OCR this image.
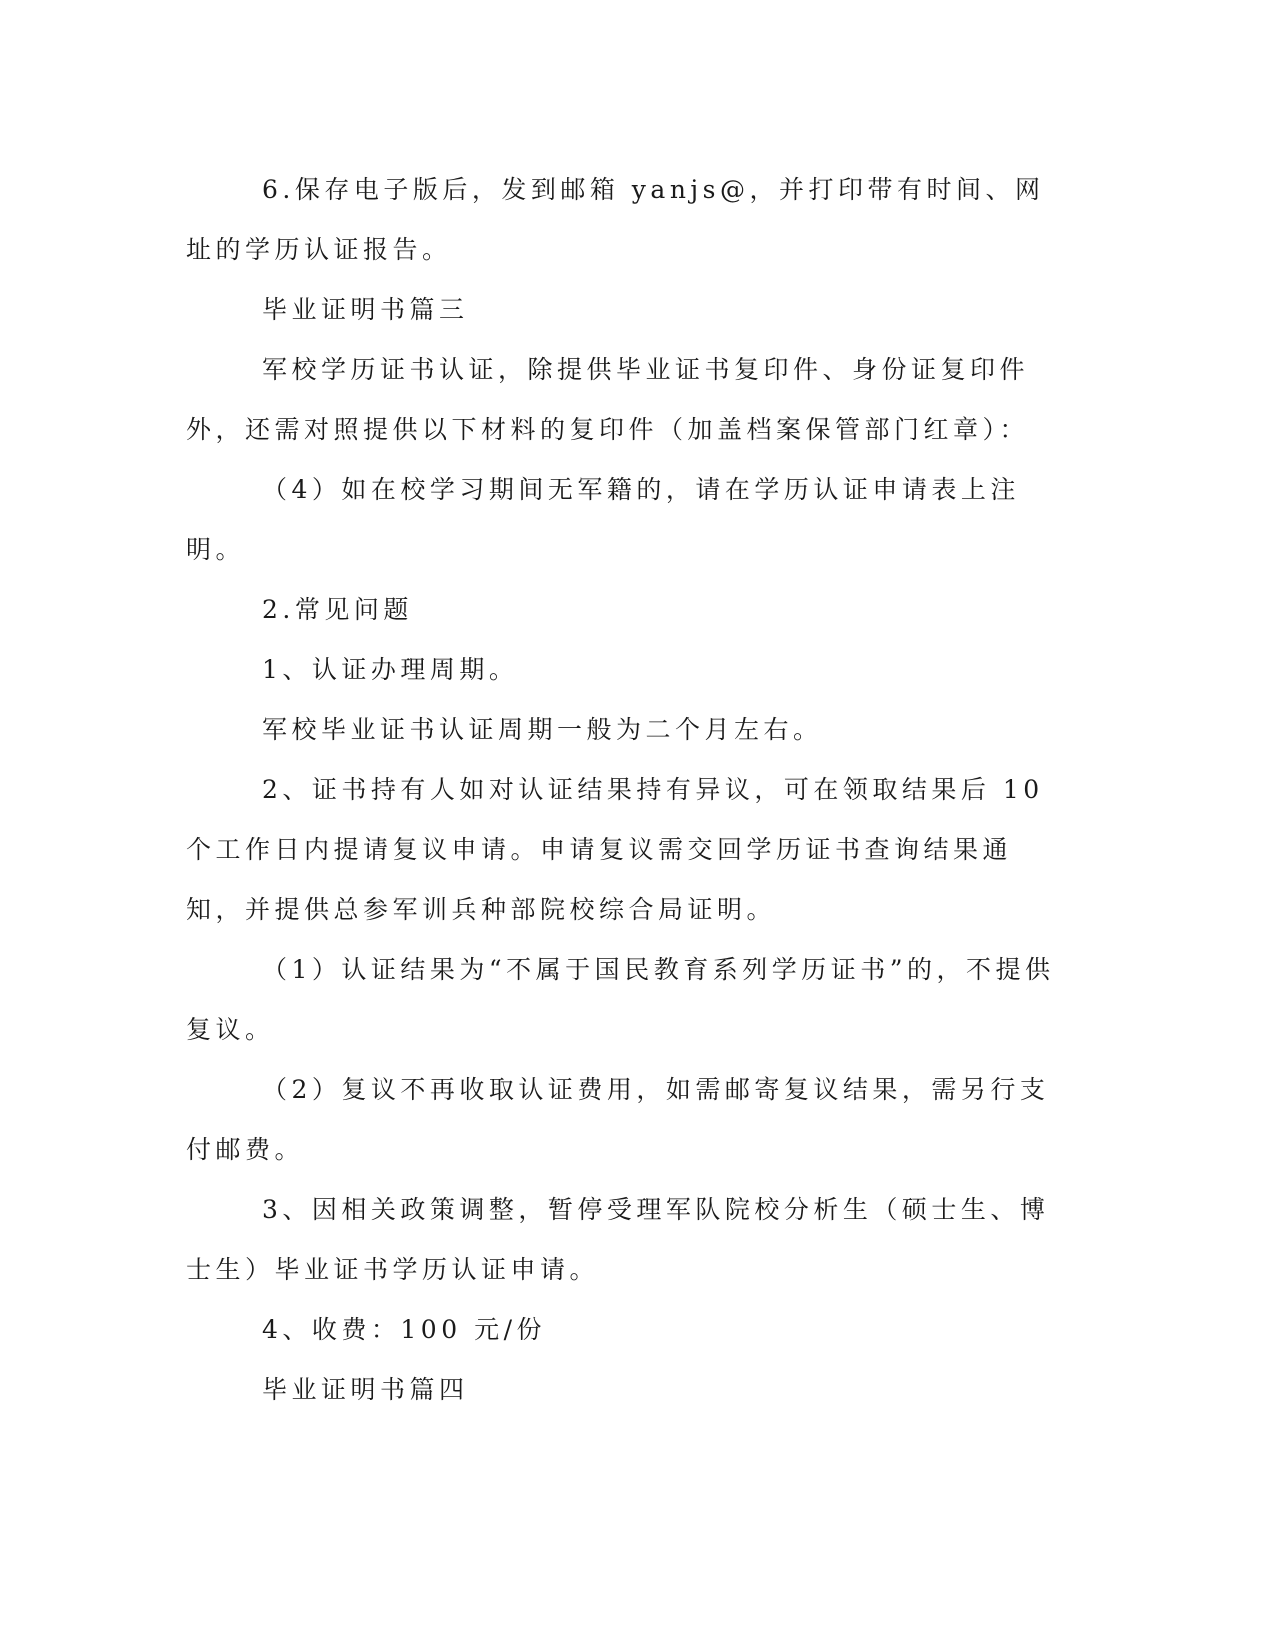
6.保存电子版后，发到邮箱 yanjs@，并打印带有时间、网址的学历认证报告。

毕业证明书篇三

军校学历证书认证，除提供毕业证书复印件、身份证复印件外，还需对照提供以下材料的复印件（加盖档案保管部门红章）：

（4）如在校学习期间无军籍的，请在学历认证申请表上注明。

2.常见问题

1、认证办理周期。

军校毕业证书认证周期一般为二个月左右。

2、证书持有人如对认证结果持有异议，可在领取结果后 10 个工作日内提请复议申请。申请复议需交回学历证书查询结果通知，并提供总参军训兵种部院校综合局证明。

（1）认证结果为“不属于国民教育系列学历证书”的，不提供复议。

（2）复议不再收取认证费用，如需邮寄复议结果，需另行支付邮费。

3、因相关政策调整，暂停受理军队院校分析生（硕士生、博士生）毕业证书学历认证申请。

4、收费：100 元/份

毕业证明书篇四
